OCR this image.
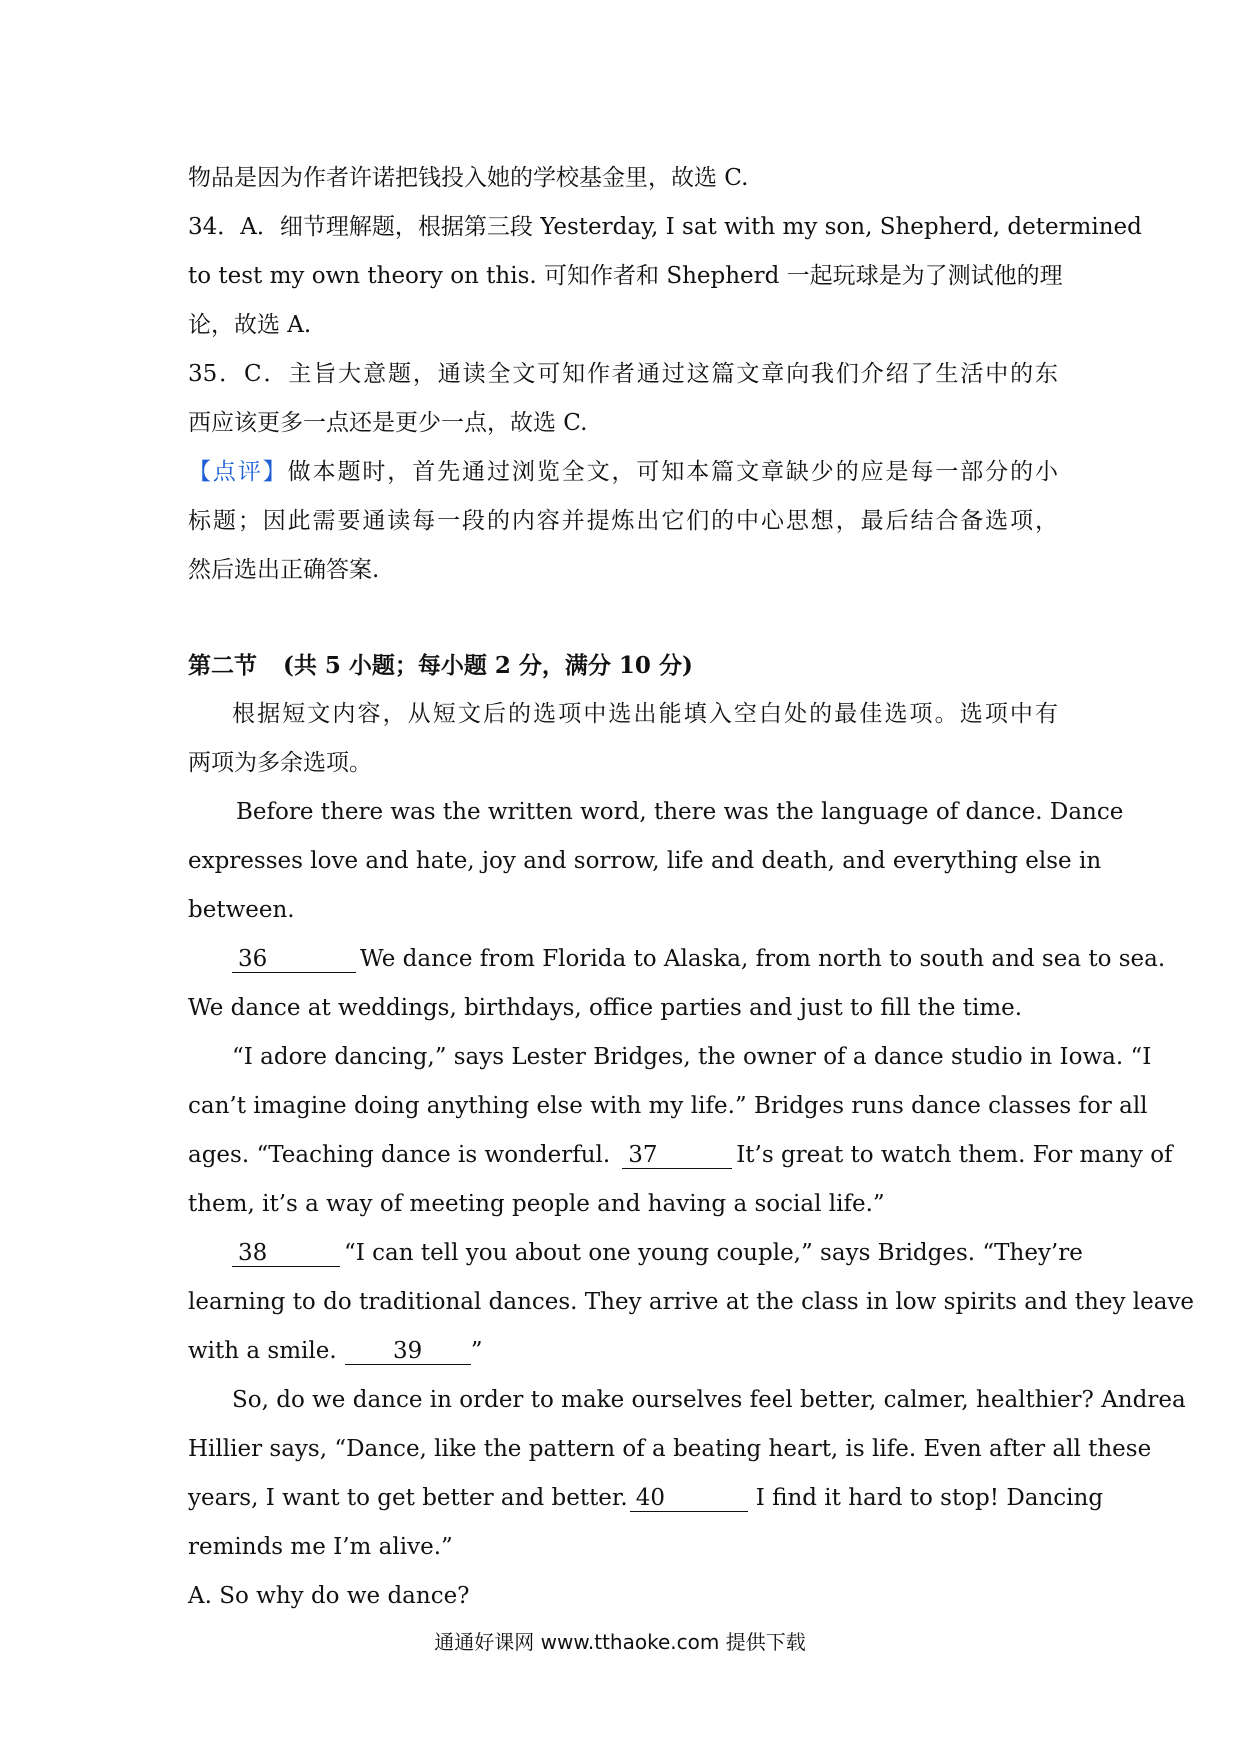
物品是因为作者许诺把钱投入她的学校基金里，故选 C.
34．A．细节理解题，根据第三段 Yesterday, I sat with my son, Shepherd, determined
to test my own theory on this. 可知作者和 Shepherd 一起玩球是为了测试他的理
论，故选 A.
35．C．主旨大意题，通读全文可知作者通过这篇文章向我们介绍了生活中的东
西应该更多一点还是更少一点，故选 C.
【点评】做本题时，首先通过浏览全文，可知本篇文章缺少的应是每一部分的小
标题；因此需要通读每一段的内容并提炼出它们的中心思想，最后结合备选项，
然后选出正确答案.
第二节 (共 5 小题；每小题 2 分，满分 10 分)
根据短文内容，从短文后的选项中选出能填入空白处的最佳选项。选项中有
两项为多余选项。
Before there was the written word, there was the language of dance. Dance
expresses love and hate, joy and sorrow, life and death, and everything else in
between.
36	We dance from Florida to Alaska, from north to south and sea to sea.
We dance at weddings, birthdays, office parties and just to fill the time.
“I adore dancing,” says Lester Bridges, the owner of a dance studio in Iowa. “I
can’t imagine doing anything else with my life.” Bridges runs dance classes for all
ages. “Teaching dance is wonderful. 37	It’s great to watch them. For many of
them, it’s a way of meeting people and having a social life.”
38	“I can tell you about one young couple,” says Bridges. “They’re
learning to do traditional dances. They arrive at the class in low spirits and they leave
with a smile. 39 ”
So, do we dance in order to make ourselves feel better, calmer, healthier? Andrea
Hillier says, “Dance, like the pattern of a beating heart, is life. Even after all these
years, I want to get better and better. 40	I find it hard to stop! Dancing
reminds me I’m alive.”
A. So why do we dance?
通通好课网 www.tthaoke.com 提供下载
